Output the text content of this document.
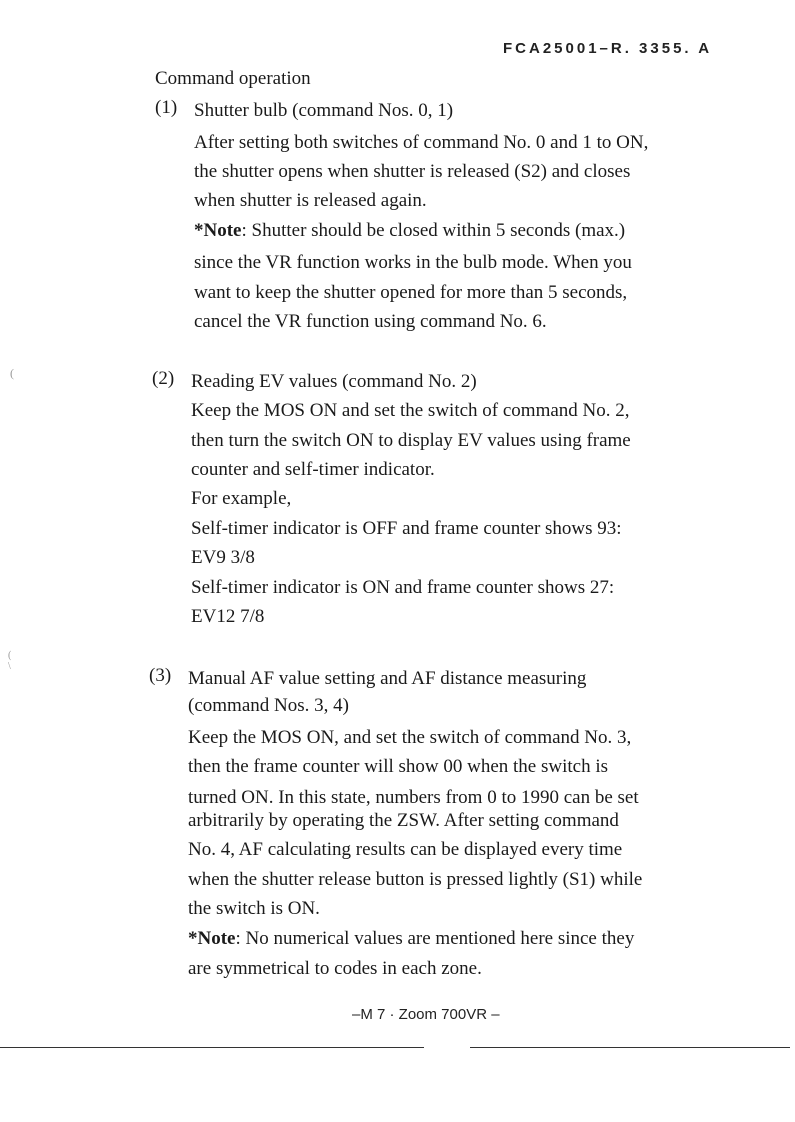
FCA25001–R. 3355. A
Command operation
(1) Shutter bulb (command Nos. 0, 1)
After setting both switches of command No. 0 and 1 to ON,
the shutter opens when shutter is released (S2) and closes
when shutter is released again.
*Note: Shutter should be closed within 5 seconds (max.)
since the VR function works in the bulb mode. When you
want to keep the shutter opened for more than 5 seconds,
cancel the VR function using command No. 6.
(2) Reading EV values (command No. 2)
Keep the MOS ON and set the switch of command No. 2,
then turn the switch ON to display EV values using frame
counter and self-timer indicator.
For example,
Self-timer indicator is OFF and frame counter shows 93:
EV9 3/8
Self-timer indicator is ON and frame counter shows 27:
EV12 7/8
(3) Manual AF value setting and AF distance measuring
(command Nos. 3, 4)
Keep the MOS ON, and set the switch of command No. 3,
then the frame counter will show 00 when the switch is
turned ON. In this state, numbers from 0 to 1990 can be set
arbitrarily by operating the ZSW. After setting command
No. 4, AF calculating results can be displayed every time
when the shutter release button is pressed lightly (S1) while
the switch is ON.
*Note: No numerical values are mentioned here since they
are symmetrical to codes in each zone.
–M 7 · Zoom 700VR –
(
(
\
